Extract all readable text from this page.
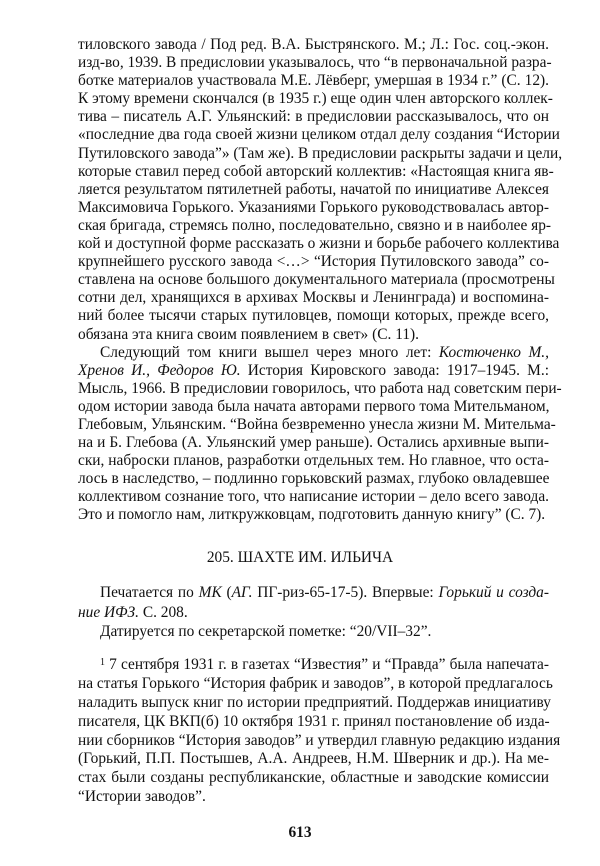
тиловского завода / Под ред. В.А. Быстрянского. М.; Л.: Гос. соц.-экон.
изд-во, 1939. В предисловии указывалось, что “в первоначальной разра-
ботке материалов участвовала М.Е. Лёвберг, умершая в 1934 г.” (С. 12).
К этому времени скончался (в 1935 г.) еще один член авторского коллек-
тива – писатель А.Г. Ульянский: в предисловии рассказывалось, что он
«последние два года своей жизни целиком отдал делу создания “Истории
Путиловского завода”» (Там же). В предисловии раскрыты задачи и цели,
которые ставил перед собой авторский коллектив: «Настоящая книга яв-
ляется результатом пятилетней работы, начатой по инициативе Алексея
Максимовича Горького. Указаниями Горького руководствовалась автор-
ская бригада, стремясь полно, последовательно, связно и в наиболее яр-
кой и доступной форме рассказать о жизни и борьбе рабочего коллектива
крупнейшего русского завода <…> “История Путиловского завода” со-
ставлена на основе большого документального материала (просмотрены
сотни дел, хранящихся в архивах Москвы и Ленинграда) и воспомина-
ний более тысячи старых путиловцев, помощи которых, прежде всего,
обязана эта книга своим появлением в свет» (С. 11).
Следующий том книги вышел через много лет: Костюченко М.,
Хренов И., Федоров Ю. История Кировского завода: 1917–1945. М.:
Мысль, 1966. В предисловии говорилось, что работа над советским пери-
одом истории завода была начата авторами первого тома Мительманом,
Глебовым, Ульянским. “Война безвременно унесла жизни М. Мительма-
на и Б. Глебова (А. Ульянский умер раньше). Остались архивные выпи-
ски, наброски планов, разработки отдельных тем. Но главное, что оста-
лось в наследство, – подлинно горьковский размах, глубоко овладевшее
коллективом сознание того, что написание истории – дело всего завода.
Это и помогло нам, литкружковцам, подготовить данную книгу” (С. 7).
205. ШАХТЕ ИМ. ИЛЬИЧА
Печатается по МК (АГ. ПГ-риз-65-17-5). Впервые: Горький и созда-
ние ИФЗ. С. 208.
Датируется по секретарской пометке: “20/VII–32”.
$^1$ 7 сентября 1931 г. в газетах “Известия” и “Правда” была напечата-
на статья Горького “История фабрик и заводов”, в которой предлагалось
наладить выпуск книг по истории предприятий. Поддержав инициативу
писателя, ЦК ВКП(б) 10 октября 1931 г. принял постановление об изда-
нии сборников “История заводов” и утвердил главную редакцию издания
(Горький, П.П. Постышев, А.А. Андреев, Н.М. Шверник и др.). На ме-
стах были созданы республиканские, областные и заводские комиссии
“Истории заводов”.
613
